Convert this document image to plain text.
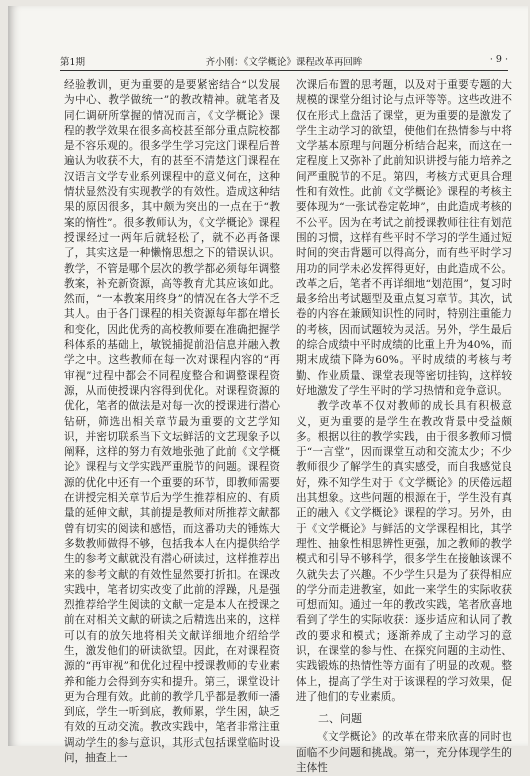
第1期	齐小刚：《文学概论》课程改革再回眸	· 9 ·

经验教训，更为重要的是要紧密结合“以发展为中心、教学做统一”的教改精神。就笔者及同仁调研所掌握的情况而言，《文学概论》课程的教学效果在很多高校甚至部分重点院校都是不容乐观的。很多学生学习完这门课程后普遍认为收获不大，有的甚至不清楚这门课程在汉语言文学专业系列课程中的意义何在，这种情状显然没有实现教学的有效性。造成这种结果的原因很多，其中颇为突出的一点在于“教案的惰性”。很多教师认为，《文学概论》课程授课经过一两年后就轻松了，就不必再备课了，其实这是一种懒惰思想之下的错误认识。教学，不管是哪个层次的教学都必须每年调整教案，补充新资源，高等教育尤其应该如此。然而，“一本教案用终身”的情况在各大学不乏其人。由于各门课程的相关资源每年都在增长和变化，因此优秀的高校教师要在准确把握学科体系的基础上，敏锐捕捉前沿信息并融入教学之中。这些教师在每一次对课程内容的“再审视”过程中都会不同程度整合和调整课程资源，从而使授课内容得到优化。对课程资源的优化，笔者的做法是对每一次的授课进行潜心钻研，筛选出相关章节最为重要的文艺学知识，并密切联系当下文坛鲜活的文艺现象予以阐释，这样的努力有效地张弛了此前《文学概论》课程与文学实践严重脱节的问题。课程资源的优化中还有一个重要的环节，即教师需要在讲授完相关章节后为学生推荐相应的、有质量的延伸文献，其前提是教师对所推荐文献都曾有切实的阅读和感悟，而这番功夫的锤炼大多数教师做得不够，包括我本人在内提供给学生的参考文献就没有潜心研读过，这样推荐出来的参考文献的有效性显然要打折扣。在课改实践中，笔者切实改变了此前的浮躁，凡是强烈推荐给学生阅读的文献一定是本人在授课之前在对相关文献的研读之后精选出来的，这样可以有的放矢地将相关文献详细地介绍给学生，激发他们的研读欲望。因此，在对课程资源的“再审视”和优化过程中授课教师的专业素养和能力会得到夯实和提升。第三，课堂设计更为合理有效。此前的教学几乎都是教师一潘到底，学生一听到底，教师累，学生困，缺乏有效的互动交流。教改实践中，笔者非常注重调动学生的参与意识，其形式包括课堂临时设问，抽查上一

次课后布置的思考题，以及对于重要专题的大规模的课堂分组讨论与点评等等。这些改进不仅在形式上盘活了课堂，更为重要的是激发了学生主动学习的欲望，使他们在热情参与中将文学基本原理与问题分析结合起来，而这在一定程度上又弥补了此前知识讲授与能力培养之间严重脱节的不足。第四，考核方式更具合理性和有效性。此前《文学概论》课程的考核主要体现为“一张试卷定乾坤”，由此造成考核的不公平。因为在考试之前授课教师往往有划范围的习惯，这样有些平时不学习的学生通过短时间的突击背题可以得高分，而有些平时学习用功的同学未必发挥得更好，由此造成不公。改革之后，笔者不再详细地“划范围”，复习时最多给出考试题型及重点复习章节。其次，试卷的内容在兼顾知识性的同时，特别注重能力的考核，因而试题较为灵活。另外，学生最后的综合成绩中平时成绩的比重上升为40%，而期末成绩下降为60%。平时成绩的考核与考勤、作业质量、课堂表现等密切挂钩，这样较好地激发了学生平时的学习热情和竞争意识。

教学改革不仅对教师的成长具有积极意义，更为重要的是学生在教改背景中受益颇多。根据以往的教学实践，由于很多教师习惯于“一言堂”，因而课堂互动和交流太少；不少教师很少了解学生的真实感受，而自我感觉良好，殊不知学生对于《文学概论》的厌倦远超出其想象。这些问题的根源在于，学生没有真正的融入《文学概论》课程的学习。另外，由于《文学概论》与鲜活的文学课程相比，其学理性、抽象性相思辨性更强，加之教师的教学模式和引导不够科学，很多学生在接触该课不久就失去了兴趣。不少学生只是为了获得相应的学分而走进教室，如此一来学生的实际收获可想而知。通过一年的教改实践，笔者欣喜地看到了学生的实际收获：逐步适应和认同了教改的要求和模式；逐渐养成了主动学习的意识，在课堂的参与性、在探究问题的主动性、实践锻炼的热情性等方面有了明显的改观。整体上，提高了学生对于该课程的学习效果，促进了他们的专业素质。

二、问题

《文学概论》的改革在带来欣喜的同时也面临不少问题和挑战。第一，充分体现学生的主体性
